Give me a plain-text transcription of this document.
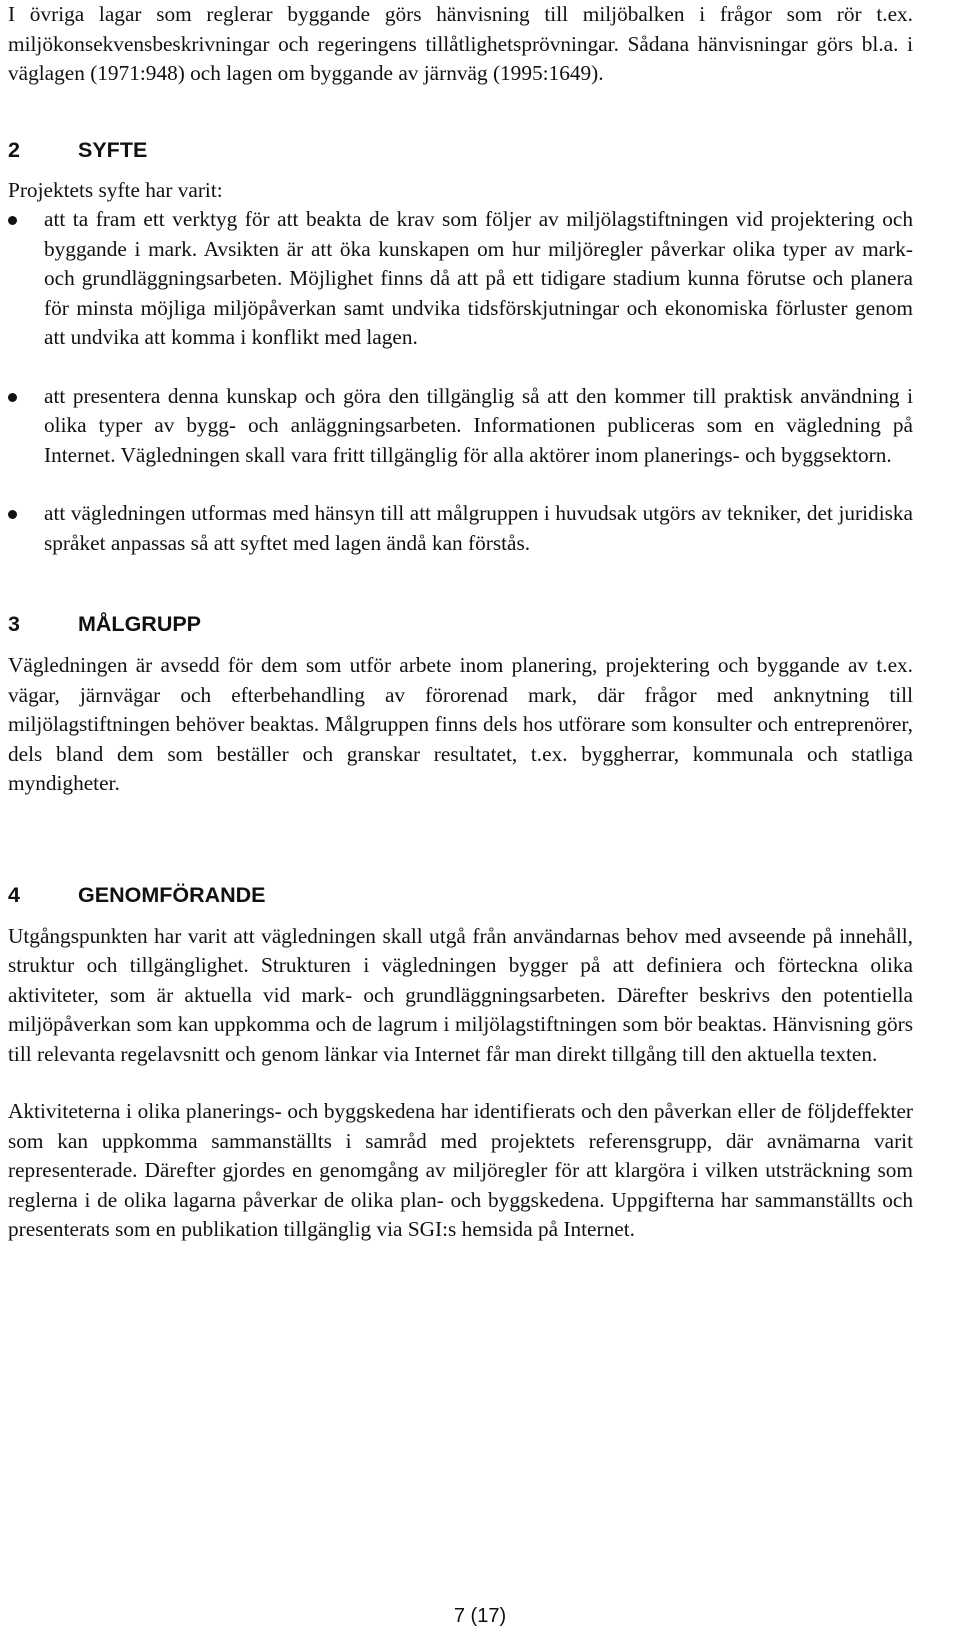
I övriga lagar som reglerar byggande görs hänvisning till miljöbalken i frågor som rör t.ex. miljökonsekvensbeskrivningar och regeringens tillåtlighetsprövningar. Sådana hänvisningar görs bl.a. i väglagen (1971:948) och lagen om byggande av järnväg (1995:1649).

2	SYFTE

Projektets syfte har varit:

att ta fram ett verktyg för att beakta de krav som följer av miljölagstiftningen vid projektering och byggande i mark. Avsikten är att öka kunskapen om hur miljöregler påverkar olika typer av mark- och grundläggningsarbeten. Möjlighet finns då att på ett tidigare stadium kunna förutse och planera för minsta möjliga miljöpåverkan samt undvika tidsförskjutningar och ekonomiska förluster genom att undvika att komma i konflikt med lagen.
att presentera denna kunskap och göra den tillgänglig så att den kommer till praktisk användning i olika typer av bygg- och anläggningsarbeten. Informationen publiceras som en vägledning på Internet. Vägledningen skall vara fritt tillgänglig för alla aktörer inom planerings- och byggsektorn.
att vägledningen utformas med hänsyn till att målgruppen i huvudsak utgörs av tekniker, det juridiska språket anpassas så att syftet med lagen ändå kan förstås.
3	MÅLGRUPP

Vägledningen är avsedd för dem som utför arbete inom planering, projektering och byggande av t.ex. vägar, järnvägar och efterbehandling av förorenad mark, där frågor med anknytning till miljölagstiftningen behöver beaktas. Målgruppen finns dels hos utförare som konsulter och entreprenörer, dels bland dem som beställer och granskar resultatet, t.ex. byggherrar, kommunala och statliga myndigheter.

4	GENOMFÖRANDE

Utgångspunkten har varit att vägledningen skall utgå från användarnas behov med avseende på innehåll, struktur och tillgänglighet. Strukturen i vägledningen bygger på att definiera och förteckna olika aktiviteter, som är aktuella vid mark- och grundläggningsarbeten. Därefter beskrivs den potentiella miljöpåverkan som kan uppkomma och de lagrum i miljölagstiftningen som bör beaktas. Hänvisning görs till relevanta regelavsnitt och genom länkar via Internet får man direkt tillgång till den aktuella texten.

Aktiviteterna i olika planerings- och byggskedena har identifierats och den påverkan eller de följdeffekter som kan uppkomma sammanställts i samråd med projektets referensgrupp, där avnämarna varit representerade. Därefter gjordes en genomgång av miljöregler för att klargöra i vilken utsträckning som reglerna i de olika lagarna påverkar de olika plan- och byggskedena. Uppgifterna har sammanställts och presenterats som en publikation tillgänglig via SGI:s hemsida på Internet.

7 (17)
